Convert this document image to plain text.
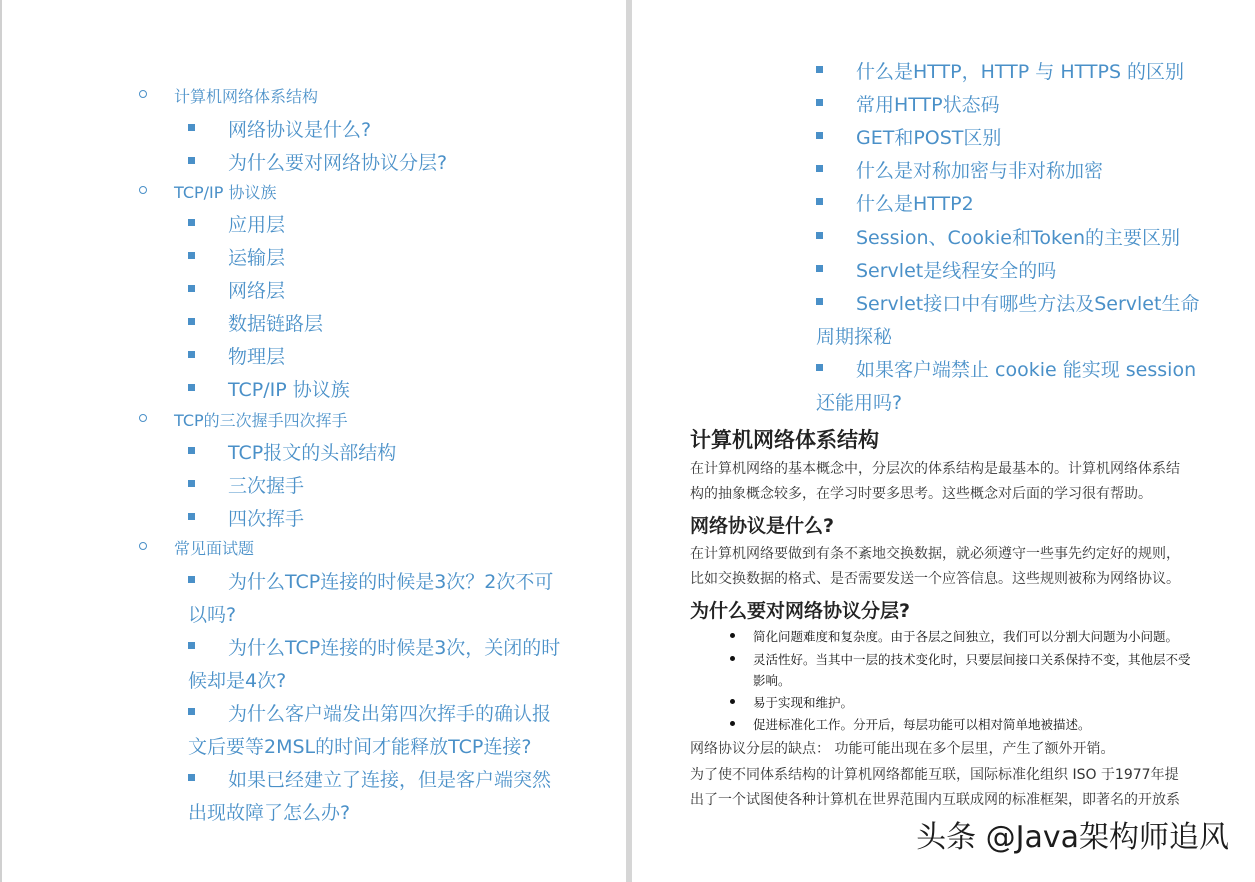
计算机网络体系结构
网络协议是什么?
为什么要对网络协议分层?
TCP/IP 协议族
应用层
运输层
网络层
数据链路层
物理层
TCP/IP 协议族
TCP的三次握手四次挥手
TCP报文的头部结构
三次握手
四次挥手
常见面试题
为什么TCP连接的时候是3次？2次不可
以吗?
为什么TCP连接的时候是3次，关闭的时
候却是4次?
为什么客户端发出第四次挥手的确认报
文后要等2MSL的时间才能释放TCP连接?
如果已经建立了连接，但是客户端突然
出现故障了怎么办?
什么是HTTP，HTTP 与 HTTPS 的区别
常用HTTP状态码
GET和POST区别
什么是对称加密与非对称加密
什么是HTTP2
Session、Cookie和Token的主要区别
Servlet是线程安全的吗
Servlet接口中有哪些方法及Servlet生命
周期探秘
如果客户端禁止 cookie 能实现 session
还能用吗?
计算机网络体系结构
在计算机网络的基本概念中，分层次的体系结构是最基本的。计算机网络体系结
构的抽象概念较多，在学习时要多思考。这些概念对后面的学习很有帮助。
网络协议是什么?
在计算机网络要做到有条不紊地交换数据，就必须遵守一些事先约定好的规则，
比如交换数据的格式、是否需要发送一个应答信息。这些规则被称为网络协议。
为什么要对网络协议分层?
简化问题难度和复杂度。由于各层之间独立，我们可以分割大问题为小问题。
灵活性好。当其中一层的技术变化时，只要层间接口关系保持不变，其他层不受
影响。
易于实现和维护。
促进标准化工作。分开后，每层功能可以相对简单地被描述。
网络协议分层的缺点： 功能可能出现在多个层里，产生了额外开销。
为了使不同体系结构的计算机网络都能互联，国际标准化组织 ISO 于1977年提
出了一个试图使各种计算机在世界范围内互联成网的标准框架，即著名的开放系
头条 @Java架构师追风
